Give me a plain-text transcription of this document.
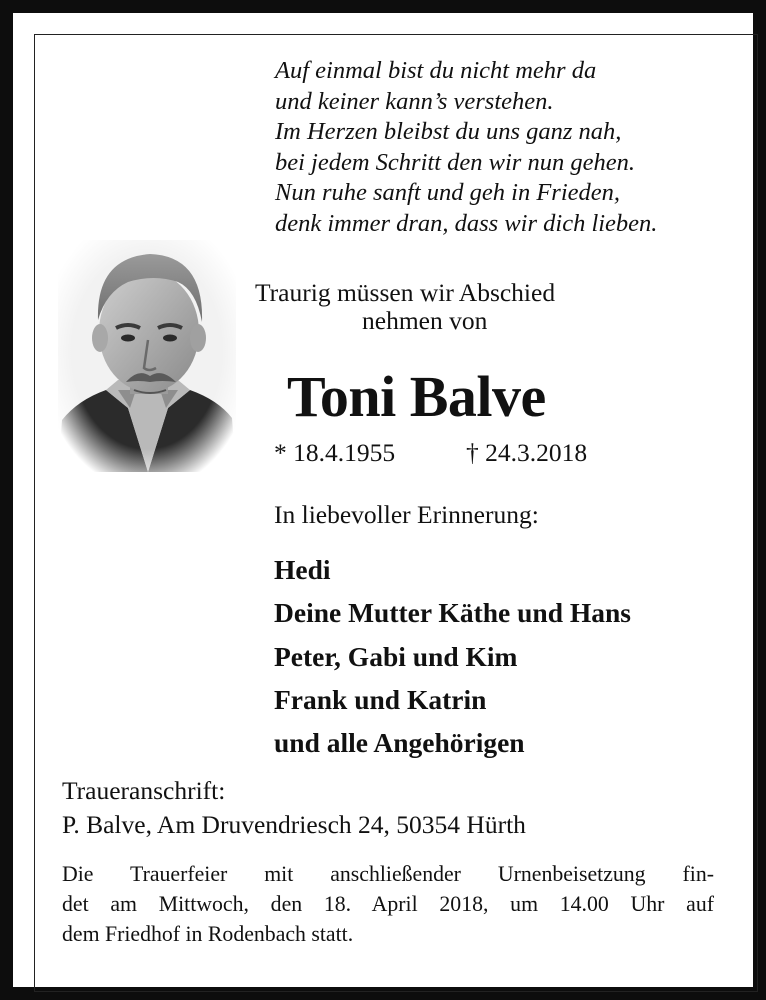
Auf einmal bist du nicht mehr da
und keiner kann’s verstehen.
Im Herzen bleibst du uns ganz nah,
bei jedem Schritt den wir nun gehen.
Nun ruhe sanft und geh in Frieden,
denk immer dran, dass wir dich lieben.
Traurig müssen wir Abschied
nehmen von
Toni Balve
* 18.4.1955	† 24.3.2018
In liebevoller Erinnerung:
Hedi
Deine Mutter Käthe und Hans
Peter, Gabi und Kim
Frank und Katrin
und alle Angehörigen
Traueranschrift:
P. Balve, Am Druvendriesch 24, 50354 Hürth
Die Trauerfeier mit anschließender Urnenbeisetzung fin-
det am Mittwoch, den 18. April 2018, um 14.00 Uhr auf
dem Friedhof in Rodenbach statt.
